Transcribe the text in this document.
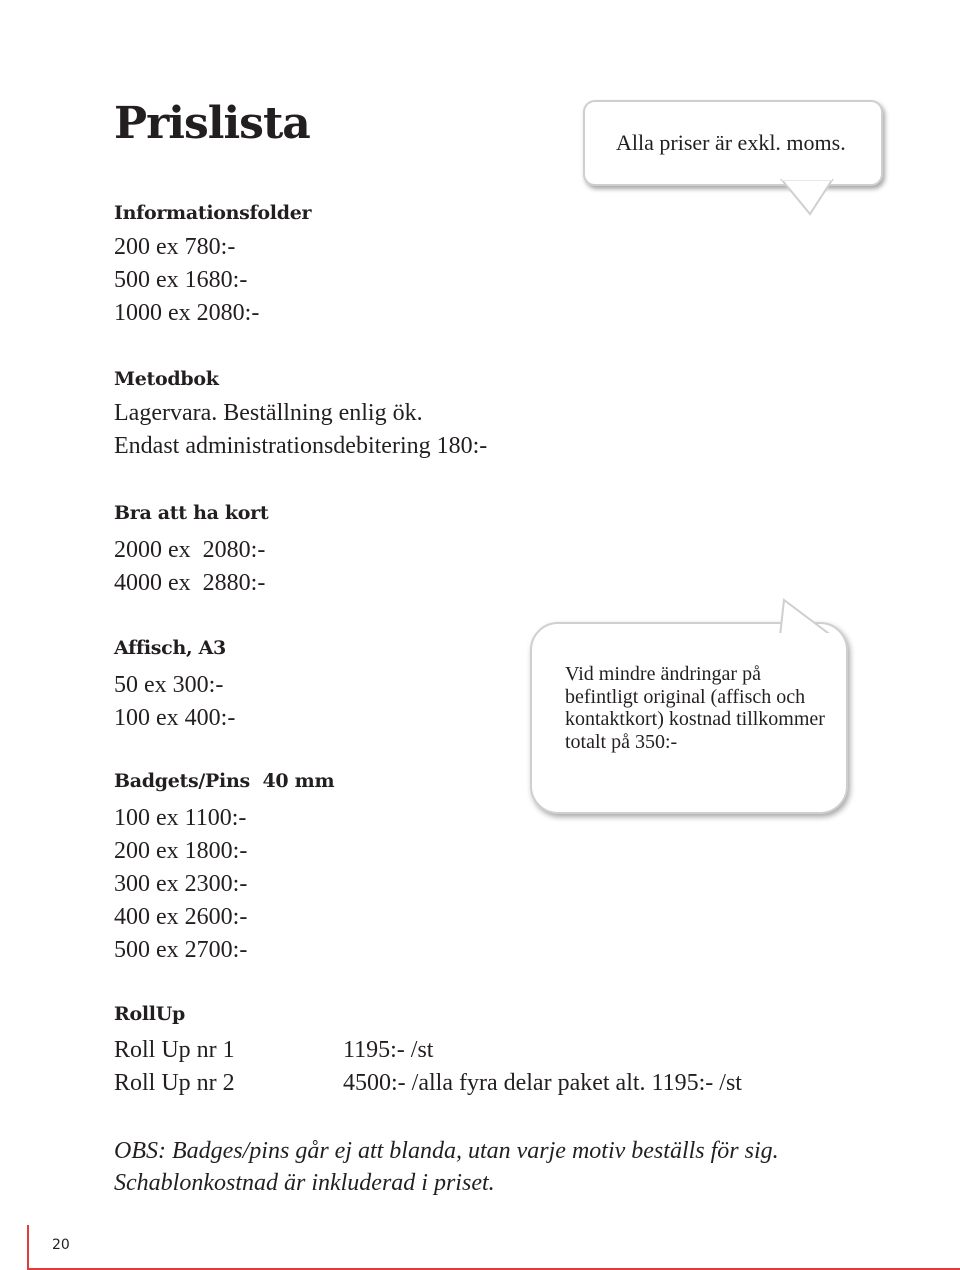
Prislista	Alla priser är exkl. moms.
Informationsfolder
200 ex 780:-
500 ex 1680:-
1000 ex 2080:-
Metodbok
Lagervara. Beställning enlig ök.
Endast administrationsdebitering 180:-
Bra att ha kort
2000 ex  2080:-
4000 ex  2880:-
Affisch, A3
50 ex 300:-
100 ex 400:-
Badgets/Pins  40 mm
100 ex 1100:-
200 ex 1800:-
300 ex 2300:-
400 ex 2600:-
500 ex 2700:-
Vid mindre ändringar på befintligt original (affisch och kontaktkort) kostnad tillkommer totalt på 350:-
RollUp
Roll Up nr 1	1195:- /st
Roll Up nr 2	4500:- /alla fyra delar paket alt. 1195:- /st
OBS: Badges/pins går ej att blanda, utan varje motiv beställs för sig.
Schablonkostnad är inkluderad i priset.
20
